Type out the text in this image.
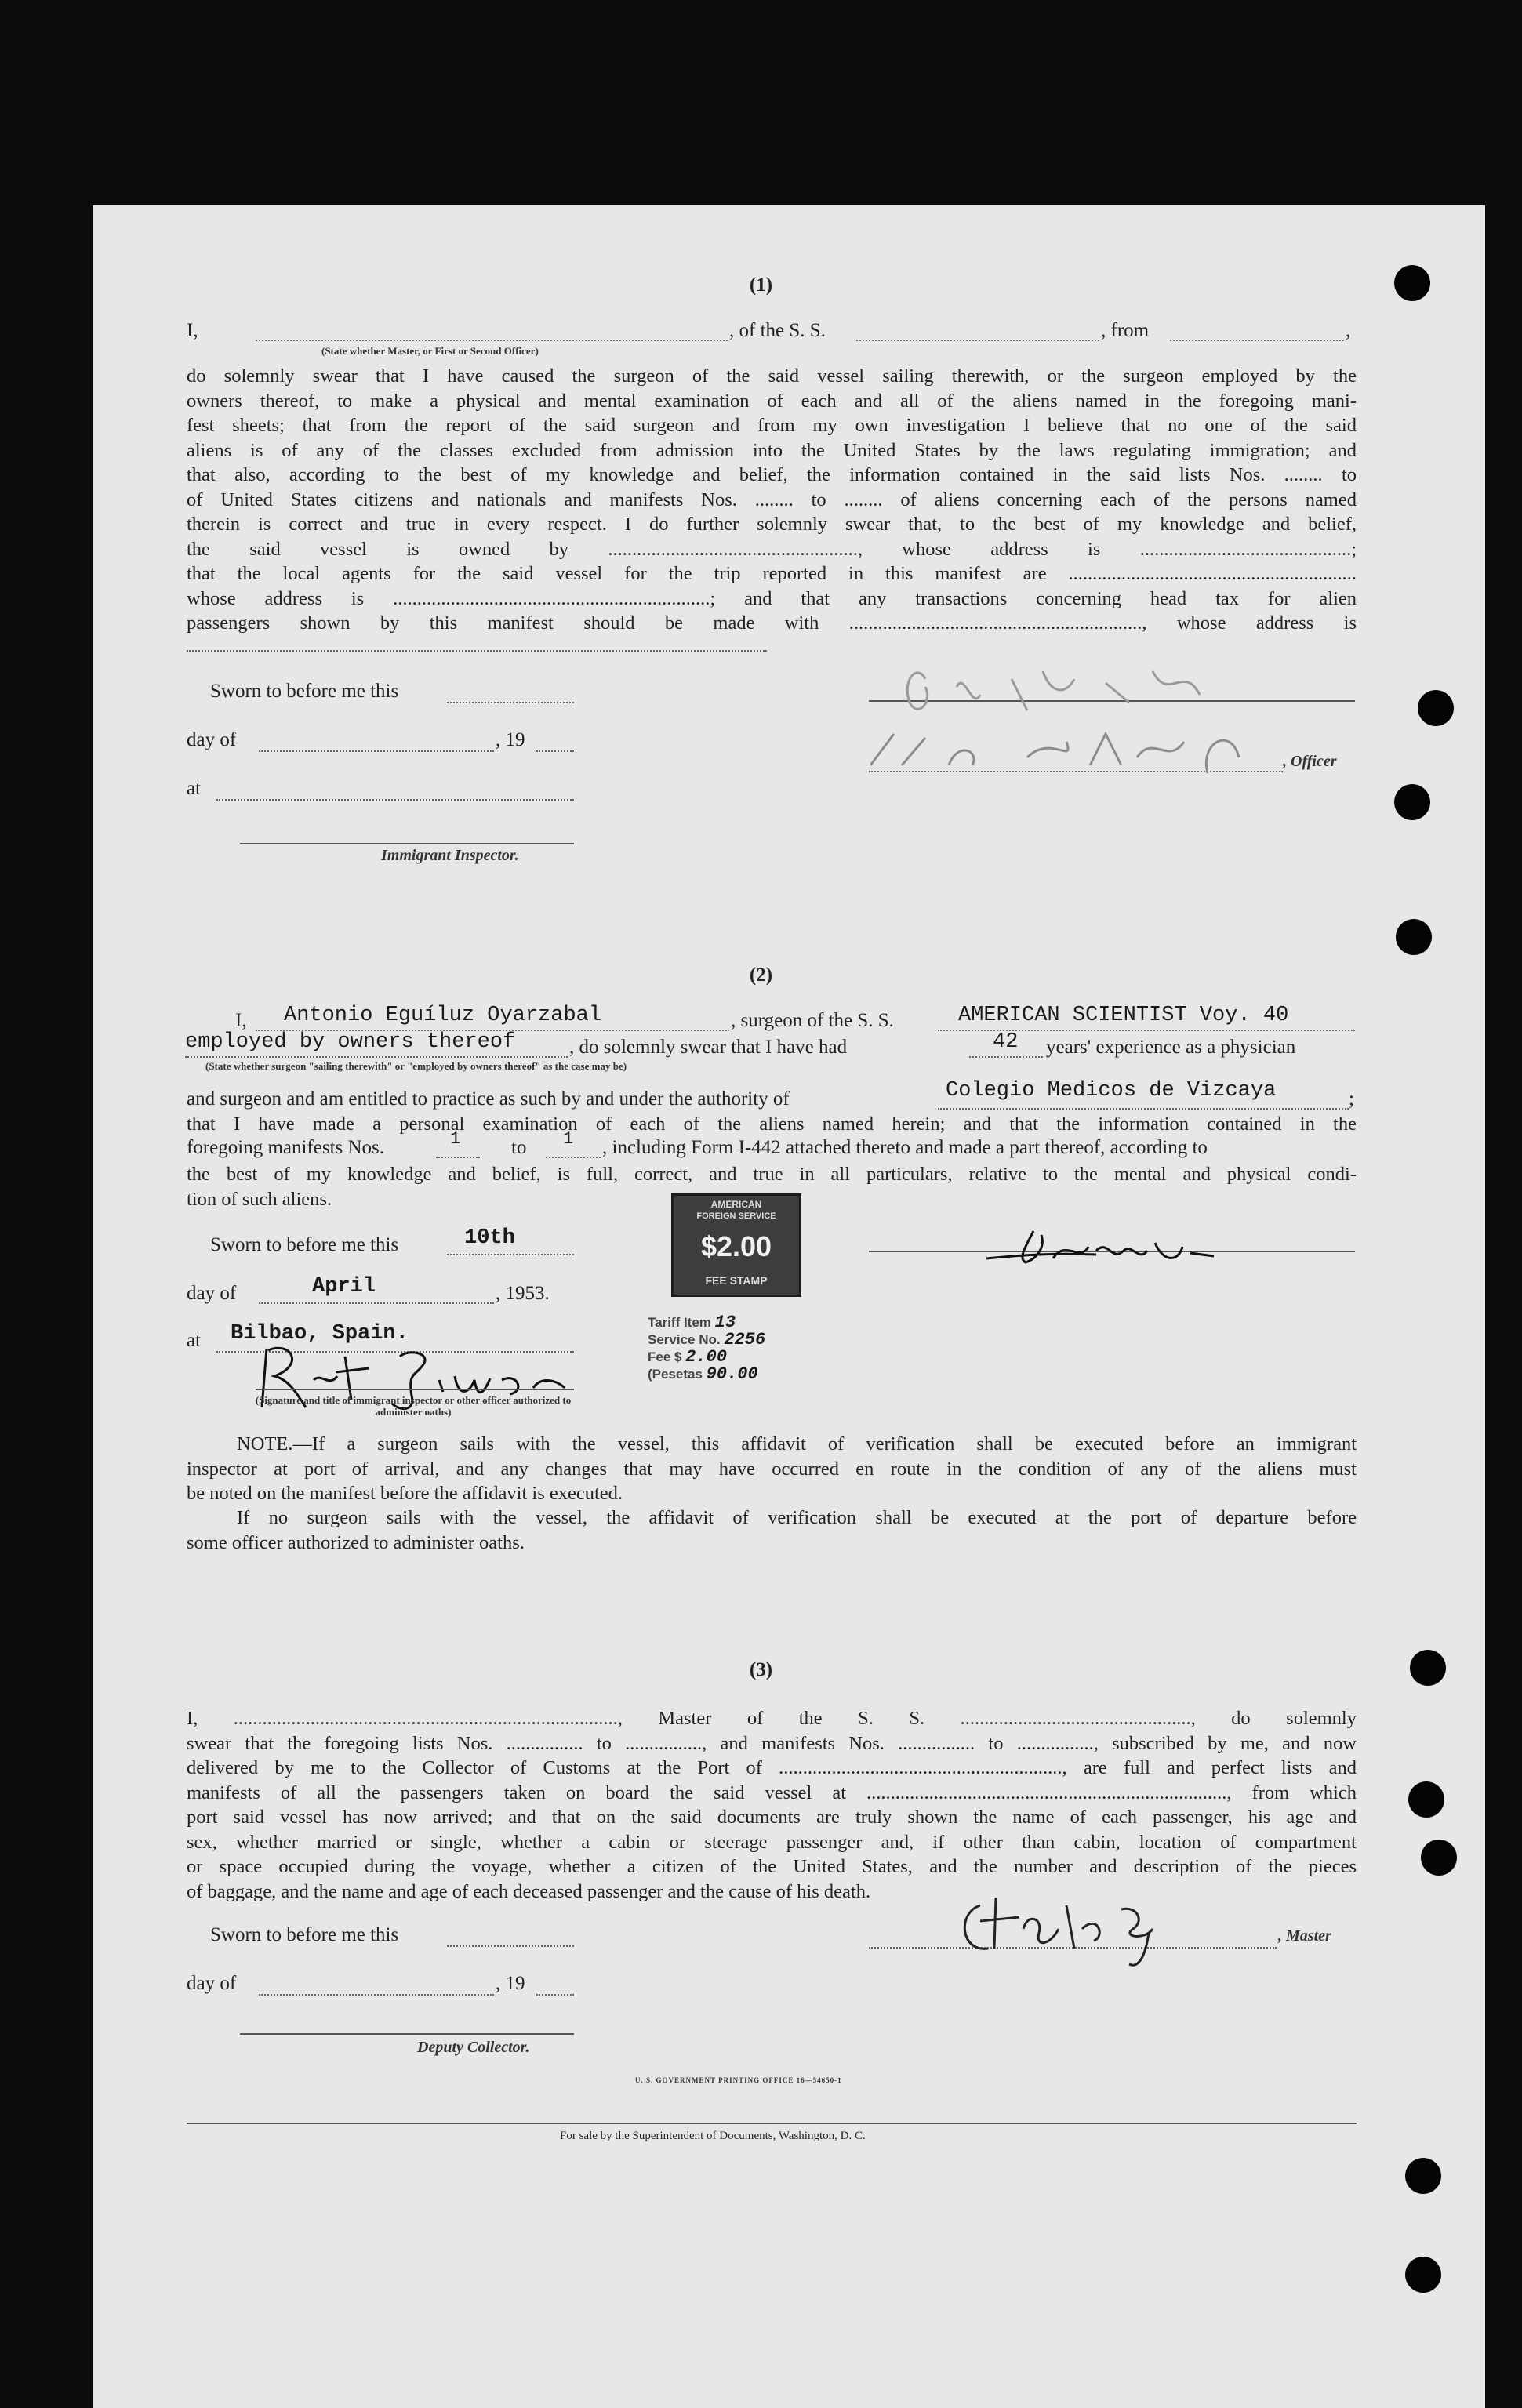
(1)
I,
(State whether Master, or First or Second Officer)
, of the S. S.	, from	,
do solemnly swear that I have caused the surgeon of the said vessel sailing therewith, or the surgeon employed by the
owners thereof, to make a physical and mental examination of each and all of the aliens named in the foregoing mani-
fest sheets; that from the report of the said surgeon and from my own investigation I believe that no one of the said
aliens is of any of the classes excluded from admission into the United States by the laws regulating immigration; and
that also, according to the best of my knowledge and belief, the information contained in the said lists Nos. ........ to
of United States citizens and nationals and manifests Nos. ........ to ........ of aliens concerning each of the persons named
therein is correct and true in every respect. I do further solemnly swear that, to the best of my knowledge and belief,
the said vessel is owned by ...................................................., whose address is ............................................;
that the local agents for the said vessel for the trip reported in this manifest are ............................................................
whose address is ..................................................................; and that any transactions concerning head tax for alien
passengers shown by this manifest should be made with ............................................................., whose address is
Sworn to before me this
day of	, 19
at
Immigrant Inspector.
, Officer
(2)
I, Antonio Eguíluz Oyarzabal	, surgeon of the S. S.	AMERICAN SCIENTIST Voy. 40
employed by owners thereof	, do solemnly swear that I have had	42 years' experience as a physician
(State whether surgeon "sailing therewith" or "employed by owners thereof" as the case may be)
and surgeon and am entitled to practice as such by and under the authority of	Colegio Medicos de Vizcaya	;
that I have made a personal examination of each of the aliens named herein; and that the information contained in the
foregoing manifests Nos.	1	to 1 , including Form I-442 attached thereto and made a part thereof, according to
the best of my knowledge and belief, is full, correct, and true in all particulars, relative to the mental and physical condi-
tion of such aliens.
Sworn to before me this	10th
day of	April	, 1953.
at Bilbao, Spain.
(Signature and title of immigrant inspector or other officer authorized to administer oaths)
AMERICAN
FOREIGN SERVICE
$2.00
FEE STAMP
Tariff Item 13
Service No. 2256
Fee $ 2.00
(Pesetas 90.00
NOTE.—If a surgeon sails with the vessel, this affidavit of verification shall be executed before an immigrant
inspector at port of arrival, and any changes that may have occurred en route in the condition of any of the aliens must
be noted on the manifest before the affidavit is executed.
If no surgeon sails with the vessel, the affidavit of verification shall be executed at the port of departure before
some officer authorized to administer oaths.
(3)
I, ................................................................................, Master of the S. S. ................................................, do solemnly
swear that the foregoing lists Nos. ................ to ................, and manifests Nos. ................ to ................, subscribed by me, and now
delivered by me to the Collector of Customs at the Port of ..........................................................., are full and perfect lists and
manifests of all the passengers taken on board the said vessel at ..........................................................................., from which
port said vessel has now arrived; and that on the said documents are truly shown the name of each passenger, his age and
sex, whether married or single, whether a cabin or steerage passenger and, if other than cabin, location of compartment
or space occupied during the voyage, whether a citizen of the United States, and the number and description of the pieces
of baggage, and the name and age of each deceased passenger and the cause of his death.
Sworn to before me this
day of	, 19
Deputy Collector.
, Master
U. S. GOVERNMENT PRINTING OFFICE 16—54650-1
For sale by the Superintendent of Documents, Washington, D. C.
